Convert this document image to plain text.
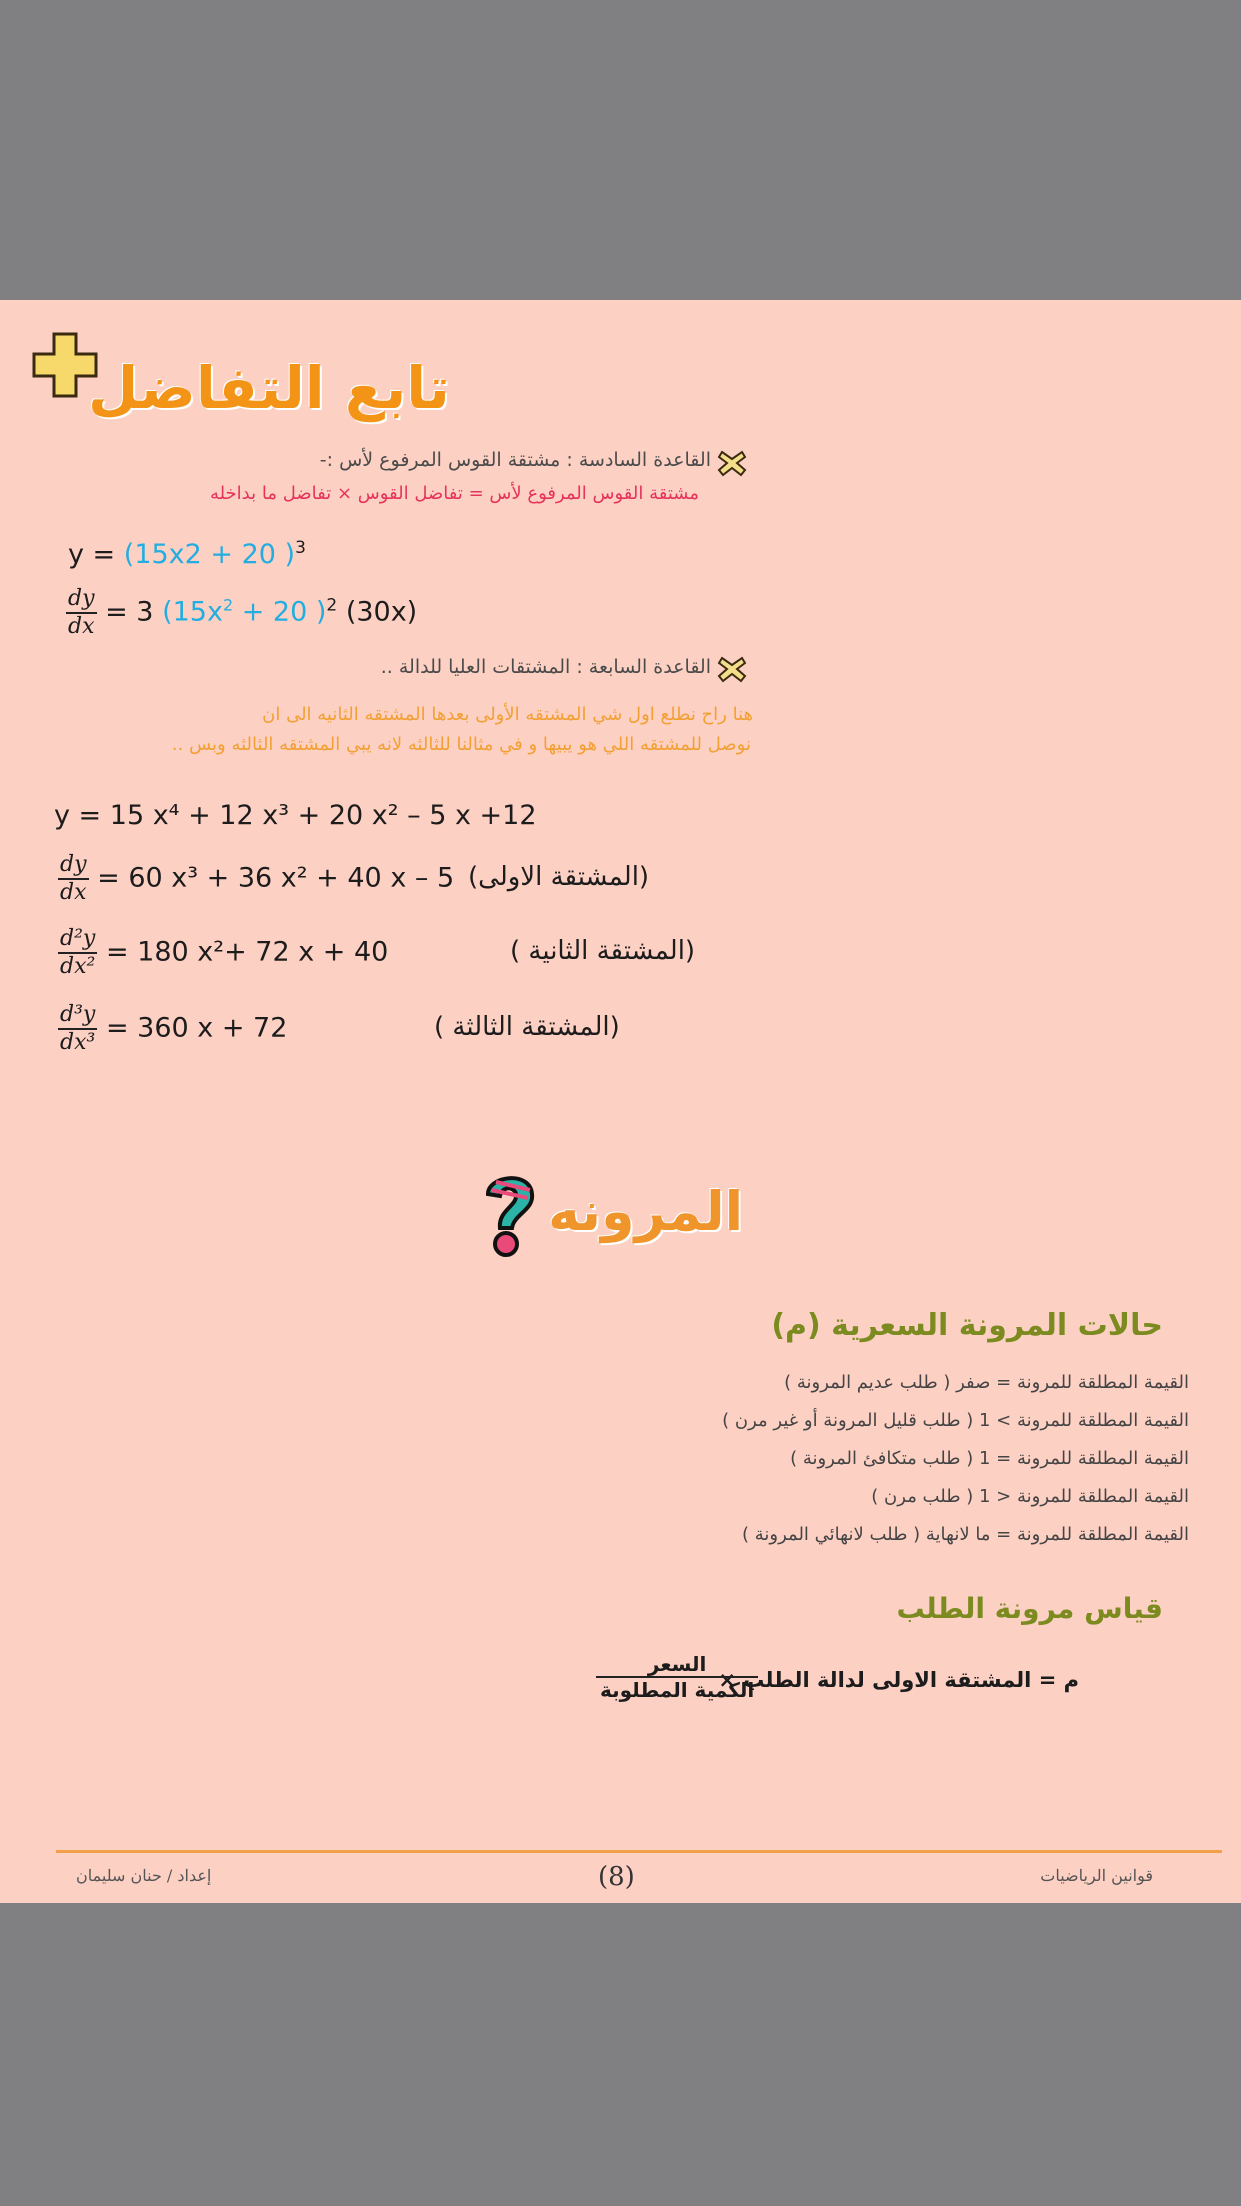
تابع التفاضل
القاعدة السادسة : مشتقة القوس المرفوع لأس :-
مشتقة القوس المرفوع لأس = تفاضل القوس × تفاضل ما بداخله
y = (15x2 + 20 )$^3$
$\frac{dy}{dx} = 3$ ($15x^2 + 20$ )$^2$ (30x)
القاعدة السابعة : المشتقات العليا للدالة ..
هنا راح نطلع اول شي المشتقه الأولى بعدها المشتقه الثانيه الى ان
نوصل للمشتقه اللي هو يبيها و في مثالنا للثالثه لانه يبي المشتقه الثالثه وبس ..
y = 15 x⁴ + 12 x³ + 20 x² – 5 x +12
$\frac{dy}{dx} = 60$ x³ + 36 x² + 40 x – 5 (المشتقة الاولى)
$\frac{\text{d²y}}{\text{dx²}} = 180$ x²+ 72 x + 40	(المشتقة الثانية )
$\frac{\text{d³y}}{\text{dx³}} = 360$ x + 72	(المشتقة الثالثة )
المرونه
حالات المرونة السعرية (م)
القيمة المطلقة للمرونة = صفر ( طلب عديم المرونة )
القيمة المطلقة للمرونة > 1 ( طلب قليل المرونة أو غير مرن )
القيمة المطلقة للمرونة = 1 ( طلب متكافئ المرونة )
القيمة المطلقة للمرونة < 1 ( طلب مرن )
القيمة المطلقة للمرونة = ما لانهاية ( طلب لانهائي المرونة )
قياس مرونة الطلب
م = المشتقة الاولى لدالة الطلب ×
السعر
الكمية المطلوبة
قوانين الرياضيات
(8)
إعداد / حنان سليمان
